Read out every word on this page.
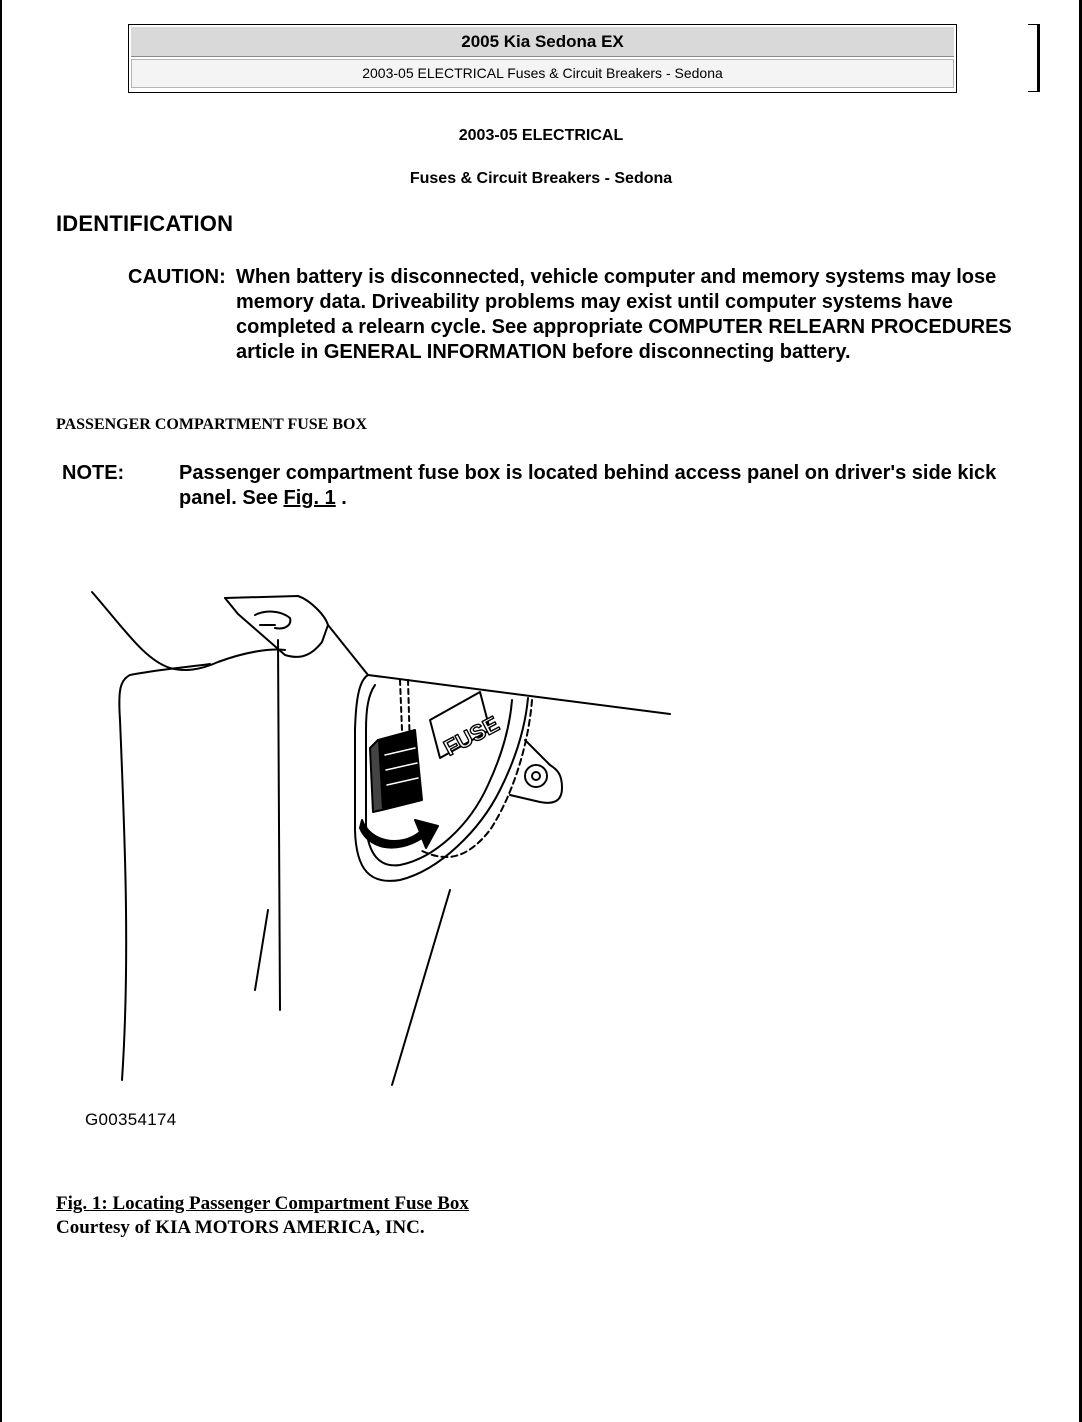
2005 Kia Sedona EX
2003-05 ELECTRICAL Fuses & Circuit Breakers - Sedona
2003-05 ELECTRICAL
Fuses & Circuit Breakers - Sedona
IDENTIFICATION
CAUTION: When battery is disconnected, vehicle computer and memory systems may lose memory data. Driveability problems may exist until computer systems have completed a relearn cycle. See appropriate COMPUTER RELEARN PROCEDURES article in GENERAL INFORMATION before disconnecting battery.
PASSENGER COMPARTMENT FUSE BOX
NOTE:	Passenger compartment fuse box is located behind access panel on driver's side kick panel. See Fig. 1 .
FUSE
G00354174
Fig. 1: Locating Passenger Compartment Fuse Box
Courtesy of KIA MOTORS AMERICA, INC.
